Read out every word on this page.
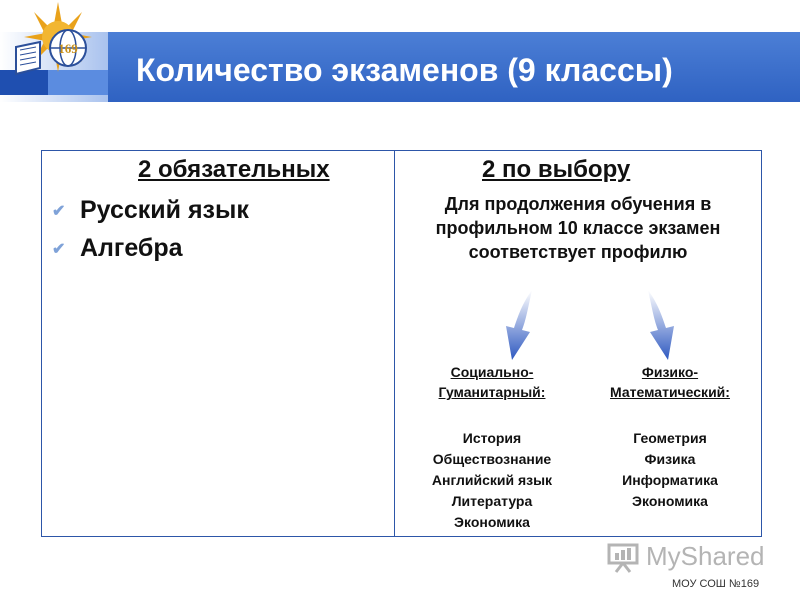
169
Количество экзаменов (9 классы)
2 обязательных	2 по выбору
✔ Русский язык
✔ Алгебра
Для продолжения обучения в профильном 10 классе экзамен соответствует профилю
Социально-
Гуманитарный:
Физико-
Математический:
История
Обществознание
Английский язык
Литература
Экономика
Геометрия
Физика
Информатика
Экономика
MyShared
МОУ СОШ №169
